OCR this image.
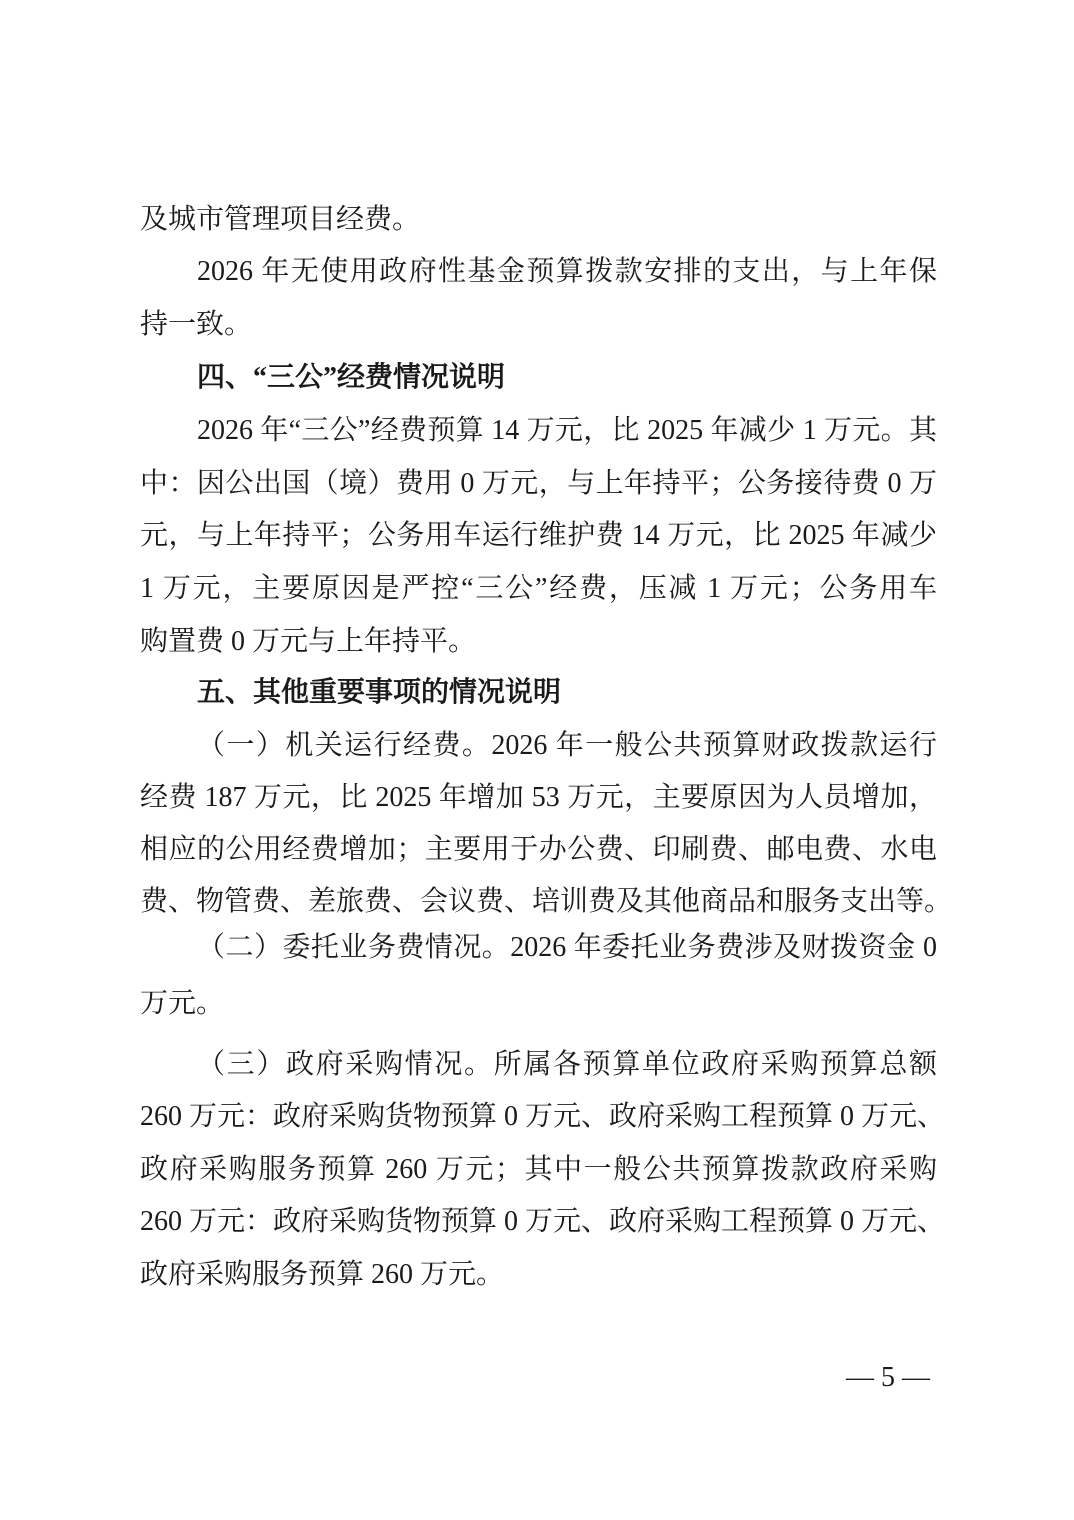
及城市管理项目经费。
2026 年无使用政府性基金预算拨款安排的支出，与上年保
持一致。
四、“三公”经费情况说明
2026 年“三公”经费预算 14 万元，比 2025 年减少 1 万元。其
中：因公出国（境）费用 0 万元，与上年持平；公务接待费 0 万
元，与上年持平；公务用车运行维护费 14 万元，比 2025 年减少
1 万元，主要原因是严控“三公”经费，压减 1 万元；公务用车
购置费 0 万元与上年持平。
五、其他重要事项的情况说明
（一）机关运行经费。2026 年一般公共预算财政拨款运行
经费 187 万元，比 2025 年增加 53 万元，主要原因为人员增加，
相应的公用经费增加；主要用于办公费、印刷费、邮电费、水电
费、物管费、差旅费、会议费、培训费及其他商品和服务支出等。
（二）委托业务费情况。2026 年委托业务费涉及财拨资金 0
万元。
（三）政府采购情况。所属各预算单位政府采购预算总额
260 万元：政府采购货物预算 0 万元、政府采购工程预算 0 万元、
政府采购服务预算 260 万元；其中一般公共预算拨款政府采购
260 万元：政府采购货物预算 0 万元、政府采购工程预算 0 万元、
政府采购服务预算 260 万元。
— 5 —
